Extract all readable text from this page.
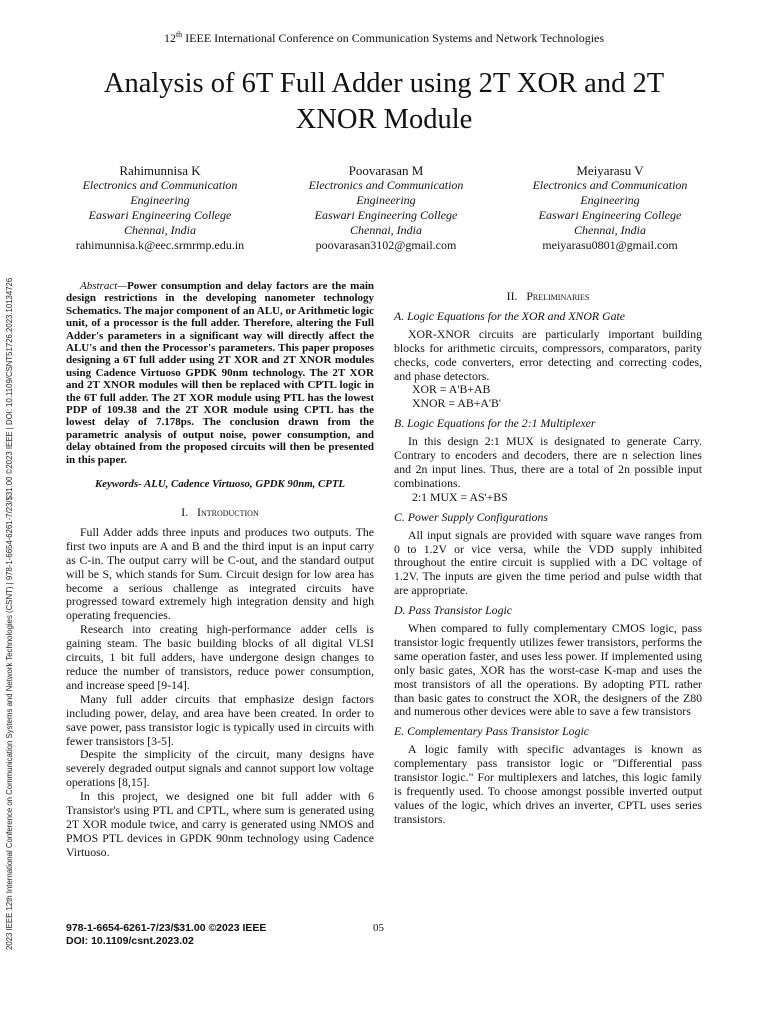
2023 IEEE 12th International Conference on Communication Systems and Network Technologies (CSNT) | 978-1-6654-6261-7/23/$31.00 ©2023 IEEE | DOI: 10.1109/CSNT51726.2023.10134726
12th IEEE International Conference on Communication Systems and Network Technologies
Analysis of 6T Full Adder using 2T XOR and 2T
XNOR Module
Rahimunnisa K
Electronics and Communication
Engineering
Easwari Engineering College
Chennai, India
rahimunnisa.k@eec.srmrmp.edu.in
Poovarasan M
Electronics and Communication
Engineering
Easwari Engineering College
Chennai, India
poovarasan3102@gmail.com
Meiyarasu V
Electronics and Communication
Engineering
Easwari Engineering College
Chennai, India
meiyarasu0801@gmail.com

Abstract—Power consumption and delay factors are the main design restrictions in the developing nanometer technology Schematics. The major component of an ALU, or Arithmetic logic unit, of a processor is the full adder. Therefore, altering the Full Adder's parameters in a significant way will directly affect the ALU's and then the Processor's parameters. This paper proposes designing a 6T full adder using 2T XOR and 2T XNOR modules using Cadence Virtuoso GPDK 90nm technology. The 2T XOR and 2T XNOR modules will then be replaced with CPTL logic in the 6T full adder. The 2T XOR module using PTL has the lowest PDP of 109.38 and the 2T XOR module using CPTL has the lowest delay of 7.178ps. The conclusion drawn from the parametric analysis of output noise, power consumption, and delay obtained from the proposed circuits will then be presented in this paper.

Keywords- ALU, Cadence Virtuoso, GPDK 90nm, CPTL

I. Introduction

Full Adder adds three inputs and produces two outputs. The first two inputs are A and B and the third input is an input carry as C-in. The output carry will be C-out, and the standard output will be S, which stands for Sum. Circuit design for low area has become a serious challenge as integrated circuits have progressed toward extremely high integration density and high operating frequencies.

Research into creating high-performance adder cells is gaining steam. The basic building blocks of all digital VLSI circuits, 1 bit full adders, have undergone design changes to reduce the number of transistors, reduce power consumption, and increase speed [9-14].

Many full adder circuits that emphasize design factors including power, delay, and area have been created. In order to save power, pass transistor logic is typically used in circuits with fewer transistors [3-5].

Despite the simplicity of the circuit, many designs have severely degraded output signals and cannot support low voltage operations [8,15].

In this project, we designed one bit full adder with 6 Transistor's using PTL and CPTL, where sum is generated using 2T XOR module twice, and carry is generated using NMOS and PMOS PTL devices in GPDK 90nm technology using Cadence Virtuoso.

II. Preliminaries

A. Logic Equations for the XOR and XNOR Gate

XOR-XNOR circuits are particularly important building blocks for arithmetic circuits, compressors, comparators, parity checks, code converters, error detecting and correcting codes, and phase detectors.

XOR = A'B+AB

XNOR = AB+A'B'

B. Logic Equations for the 2:1 Multiplexer

In this design 2:1 MUX is designated to generate Carry. Contrary to encoders and decoders, there are n selection lines and 2n input lines. Thus, there are a total of 2n possible input combinations.

2:1 MUX = AS'+BS

C. Power Supply Configurations

All input signals are provided with square wave ranges from 0 to 1.2V or vice versa, while the VDD supply inhibited throughout the entire circuit is supplied with a DC voltage of 1.2V. The inputs are given the time period and pulse width that are appropriate.

D. Pass Transistor Logic

When compared to fully complementary CMOS logic, pass transistor logic frequently utilizes fewer transistors, performs the same operation faster, and uses less power. If implemented using only basic gates, XOR has the worst-case K-map and uses the most transistors of all the operations. By adopting PTL rather than basic gates to construct the XOR, the designers of the Z80 and numerous other devices were able to save a few transistors

E. Complementary Pass Transistor Logic

A logic family with specific advantages is known as complementary pass transistor logic or "Differential pass transistor logic." For multiplexers and latches, this logic family is frequently used. To choose amongst possible inverted output values of the logic, which drives an inverter, CPTL uses series transistors.

978-1-6654-6261-7/23/$31.00 ©2023 IEEE
DOI: 10.1109/csnt.2023.02
05
